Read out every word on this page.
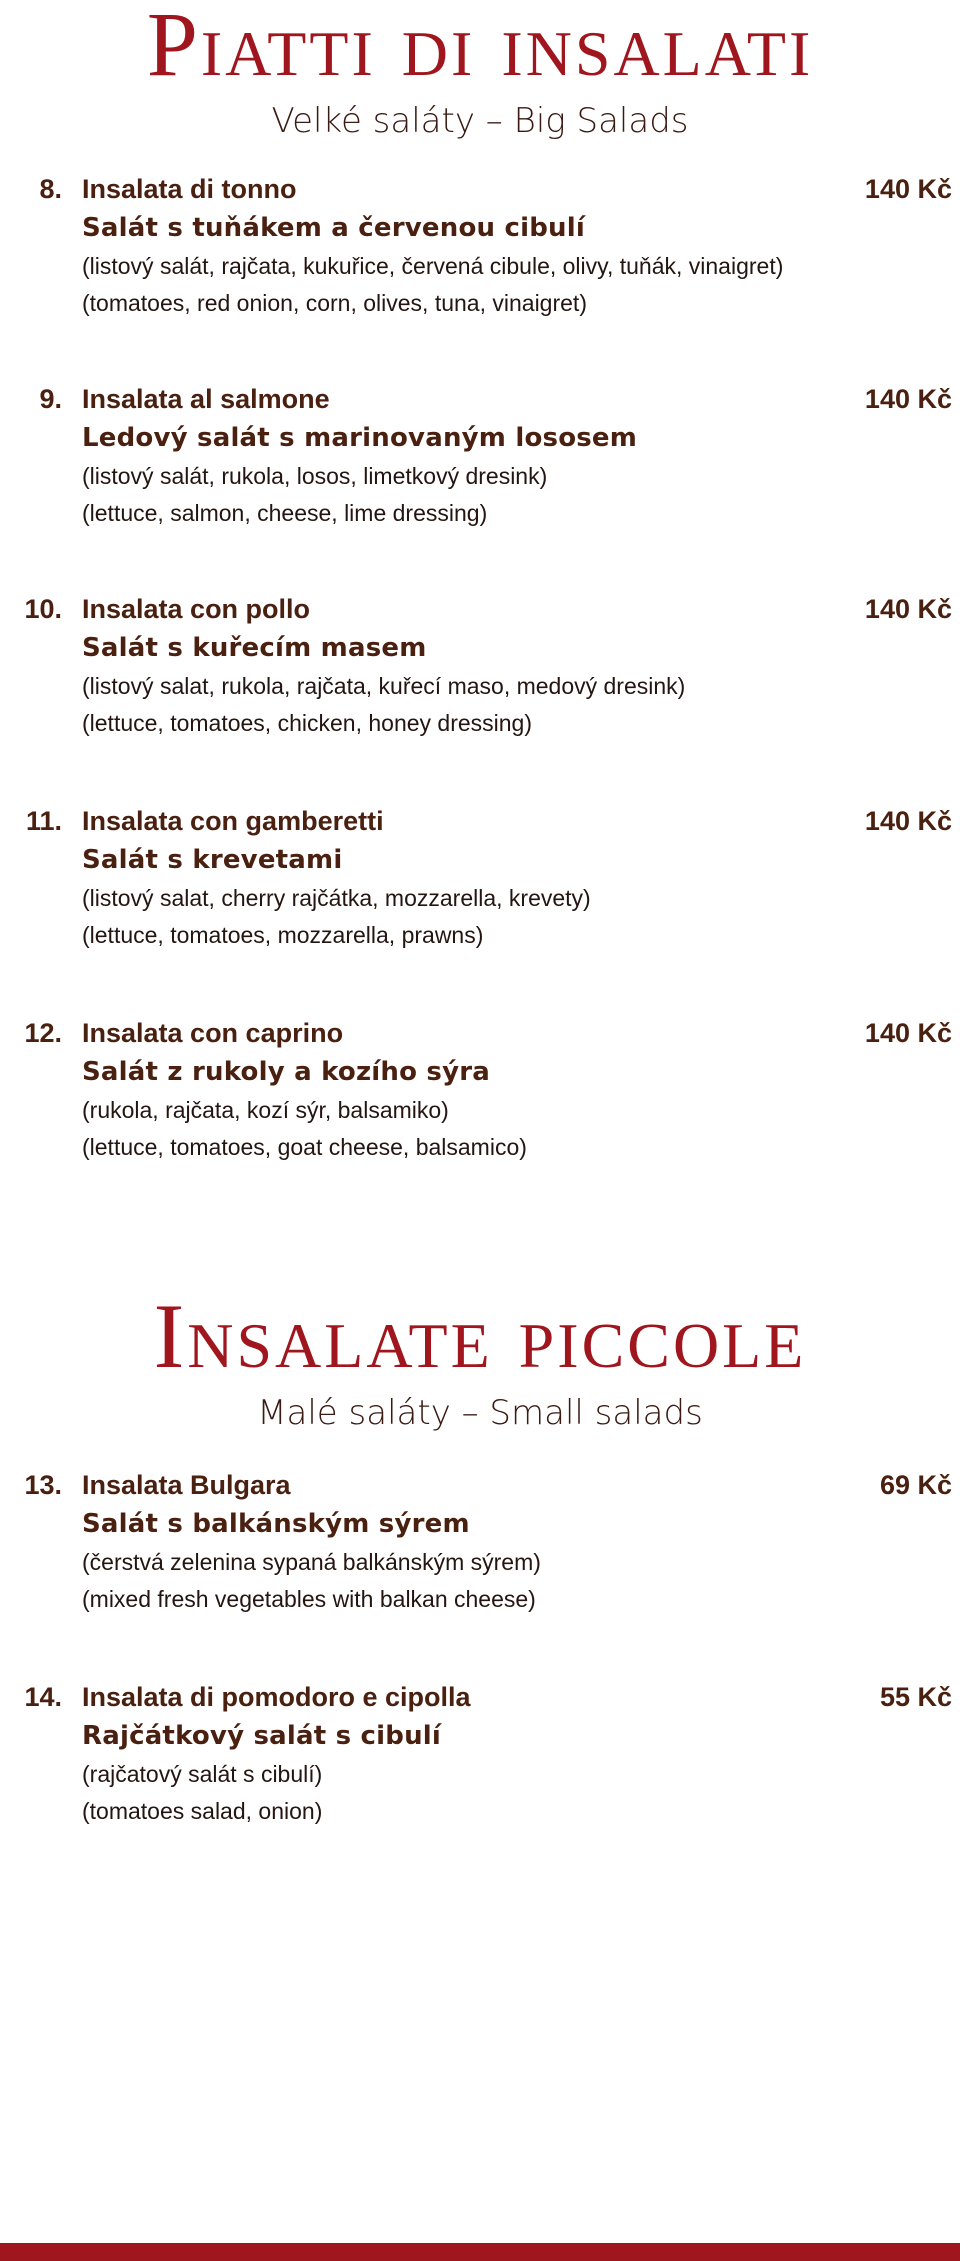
Piatti di insalati
Velké saláty – Big Salads
8. Insalata di tonno	140 Kč
Salát s tuňákem a červenou cibulí
(listový salát, rajčata, kukuřice, červená cibule, olivy, tuňák, vinaigret)
(tomatoes, red onion, corn, olives, tuna, vinaigret)
9. Insalata al salmone	140 Kč
Ledový salát s marinovaným lososem
(listový salát, rukola, losos, limetkový dresink)
(lettuce, salmon, cheese, lime dressing)
10. Insalata con pollo	140 Kč
Salát s kuřecím masem
(listový salat, rukola, rajčata, kuřecí maso, medový dresink)
(lettuce, tomatoes, chicken, honey dressing)
11. Insalata con gamberetti	140 Kč
Salát s krevetami
(listový salat, cherry rajčátka, mozzarella, krevety)
(lettuce, tomatoes, mozzarella, prawns)
12. Insalata con caprino	140 Kč
Salát z rukoly a kozího sýra
(rukola, rajčata, kozí sýr, balsamiko)
(lettuce, tomatoes, goat cheese, balsamico)
Insalate piccole
Malé saláty – Small salads
13. Insalata Bulgara	69 Kč
Salát s balkánským sýrem
(čerstvá zelenina sypaná balkánským sýrem)
(mixed fresh vegetables with balkan cheese)
14. Insalata di pomodoro e cipolla	55 Kč
Rajčátkový salát s cibulí
(rajčatový salát s cibulí)
(tomatoes salad, onion)
